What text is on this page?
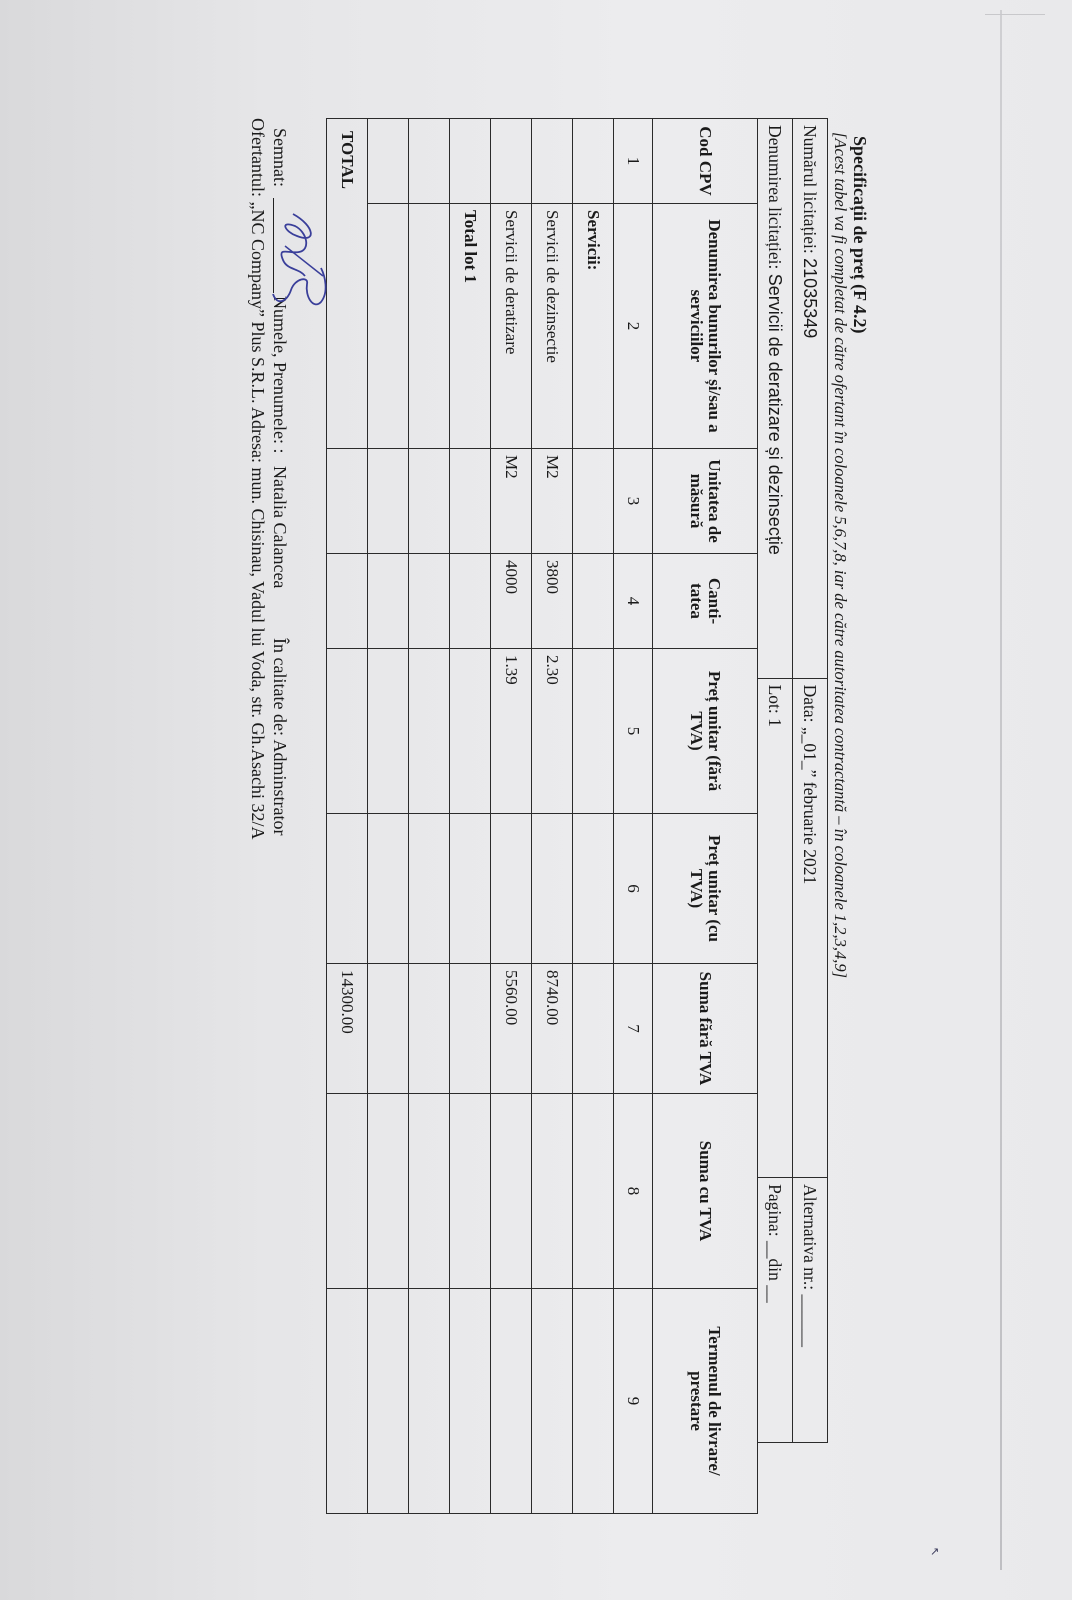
Specificații de preț (F 4.2)
[Acest tabel va fi completat de către ofertant în coloanele 5,6,7,8, iar de către autoritatea contractantă – în coloanele 1,2,3,4,9]
Numărul licitației: 21035349	Data: „_01_” februarie 2021	Alternativa nr.: ______
Denumirea licitației: Servicii de deratizare și dezinsecție	Lot: 1	Pagina: __din __
Cod CPV	Denumirea bunurilor și/sau a serviciilor	Unitatea de măsură	Canti-tatea	Preț unitar (fără TVA)	Preț unitar (cu TVA)	Suma fără TVA	Suma cu TVA	Termenul de livrare/ prestare
1	2	3	4	5	6	7	8	9
	Servicii:							
	Servicii de dezinsectie	M2	3800	2.30		8740.00		
	Servicii de deratizare	M2	4000	1.39		5560.00		
	Total lot 1							

TOTAL						14300.00		
Semnat:
Numele, Prenumele: :
Natalia Calanceа
În calitate de: Adminstrator
Ofertantul: „NC Company” Plus S.R.L. Adresa: mun. Chisinau, Vadul lui Voda, str. Gh.Asachi 32/A
↗
